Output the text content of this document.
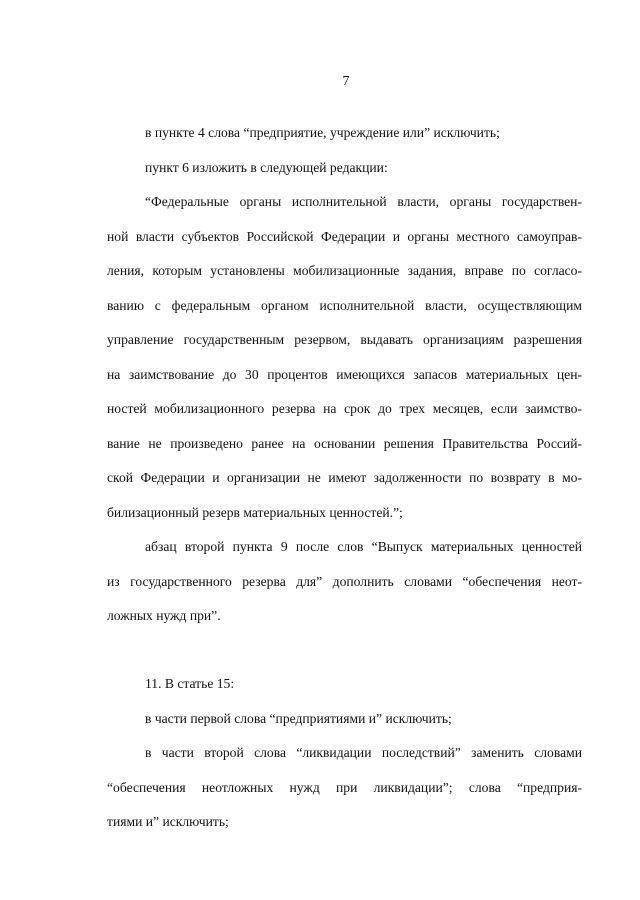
7
в пункте 4 слова “предприятие, учреждение или” исключить;
пункт 6 изложить в следующей редакции:
“Федеральные органы исполнительной власти, органы государствен-
ной власти субъектов Российской Федерации и органы местного самоуправ-
ления, которым установлены мобилизационные задания, вправе по согласо-
ванию с федеральным органом исполнительной власти, осуществляющим
управление государственным резервом, выдавать организациям разрешения
на заимствование до 30 процентов имеющихся запасов материальных цен-
ностей мобилизационного резерва на срок до трех месяцев, если заимство-
вание не произведено ранее на основании решения Правительства Россий-
ской Федерации и организации не имеют задолженности по возврату в мо-
билизационный резерв материальных ценностей.”;
абзац второй пункта 9 после слов “Выпуск материальных ценностей
из государственного резерва для” дополнить словами “обеспечения неот-
ложных нужд при”.
11. В статье 15:
в части первой слова “предприятиями и” исключить;
в части второй слова “ликвидации последствий” заменить словами
“обеспечения неотложных нужд при ликвидации”; слова “предприя-
тиями и” исключить;
